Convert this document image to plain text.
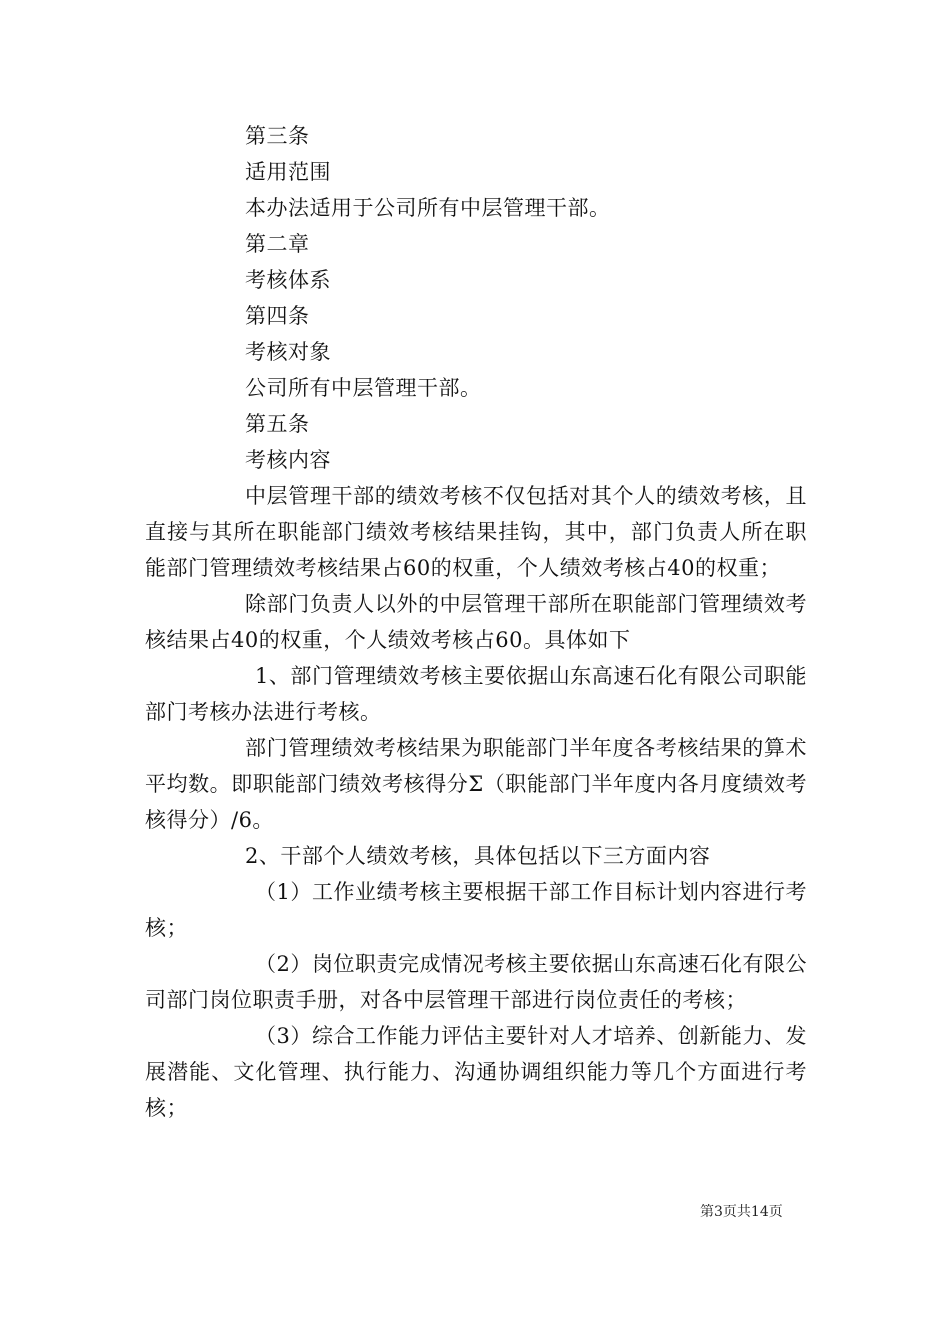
第三条
适用范围
本办法适用于公司所有中层管理干部。
第二章
考核体系
第四条
考核对象
公司所有中层管理干部。
第五条
考核内容

中层管理干部的绩效考核不仅包括对其个人的绩效考核，且直接与其所在职能部门绩效考核结果挂钩，其中，部门负责人所在职能部门管理绩效考核结果占60的权重，个人绩效考核占40的权重；

除部门负责人以外的中层管理干部所在职能部门管理绩效考核结果占40的权重，个人绩效考核占60。具体如下

1、部门管理绩效考核主要依据山东高速石化有限公司职能部门考核办法进行考核。

部门管理绩效考核结果为职能部门半年度各考核结果的算术平均数。即职能部门绩效考核得分Σ（职能部门半年度内各月度绩效考核得分）/6。

2、干部个人绩效考核，具体包括以下三方面内容

（1）工作业绩考核主要根据干部工作目标计划内容进行考核；

（2）岗位职责完成情况考核主要依据山东高速石化有限公司部门岗位职责手册，对各中层管理干部进行岗位责任的考核；

（3）综合工作能力评估主要针对人才培养、创新能力、发展潜能、文化管理、执行能力、沟通协调组织能力等几个方面进行考核；

第3页共14页
